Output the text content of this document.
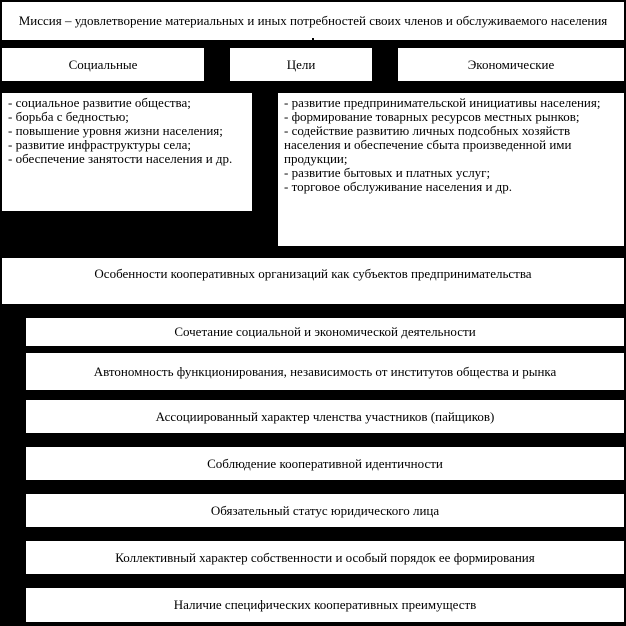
Миссия – удовлетворение материальных и иных потребностей своих членов и обслуживаемого населения
Социальные	Цели	Экономические
- социальное развитие общества;
- борьба с бедностью;
- повышение уровня жизни населения;
- развитие инфраструктуры села;
- обеспечение занятости населения и др.
- развитие предпринимательской инициативы населения;
- формирование товарных ресурсов местных рынков;
- содействие развитию личных подсобных хозяйств населения и обеспечение сбыта произведенной ими продукции;
- развитие бытовых и платных услуг;
- торговое обслуживание населения и др.
Особенности кооперативных организаций как субъектов предпринимательства
Сочетание социальной и экономической деятельности
Автономность функционирования, независимость от институтов общества и рынка
Ассоциированный характер членства участников (пайщиков)
Соблюдение кооперативной идентичности
Обязательный статус юридического лица
Коллективный характер собственности и особый порядок ее формирования
Наличие специфических кооперативных преимуществ
